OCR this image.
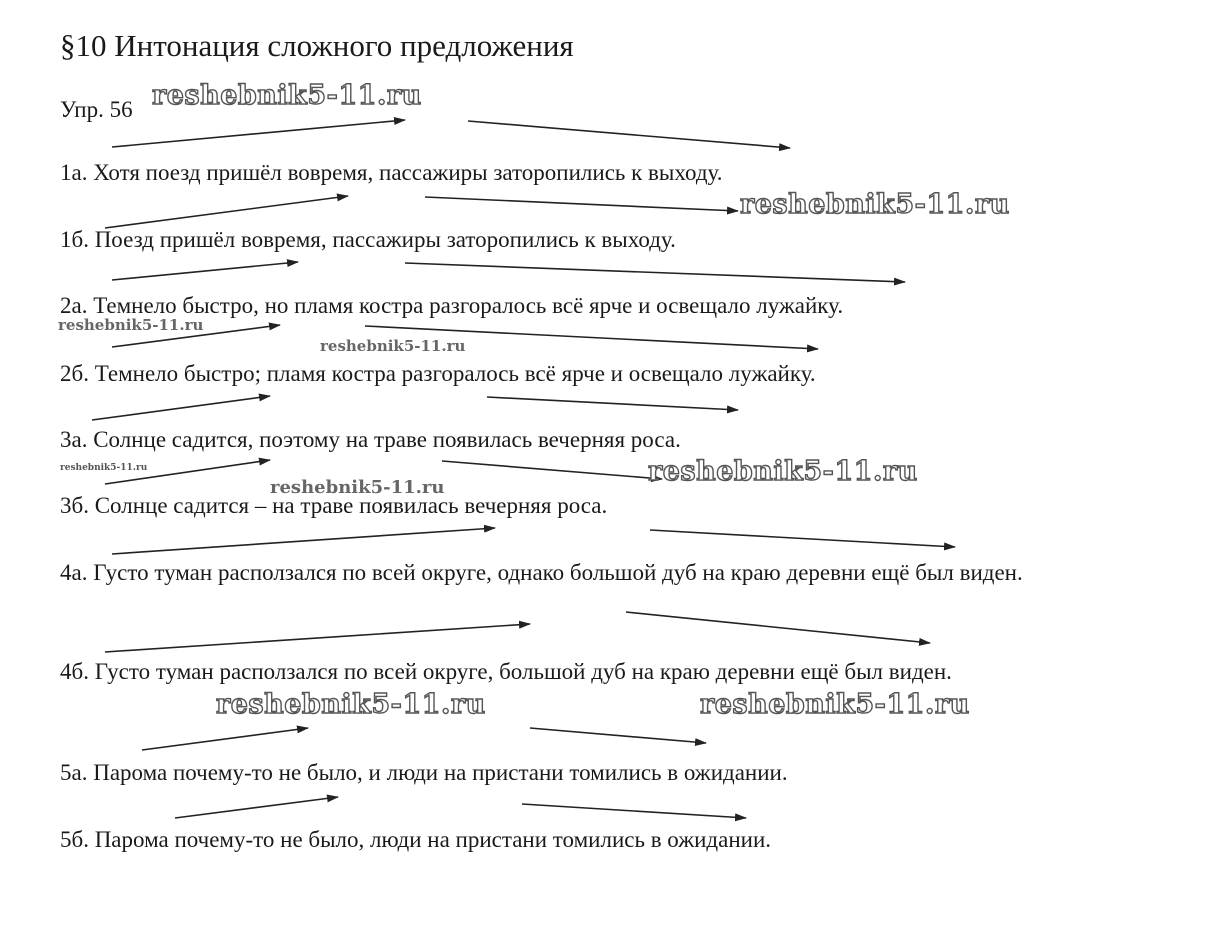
§10 Интонация сложного предложения
Упр. 56
1а. Хотя поезд пришёл вовремя, пассажиры заторопились к выходу.
1б. Поезд пришёл вовремя, пассажиры заторопились к выходу.
2а. Темнело быстро, но пламя костра разгоралось всё ярче и освещало лужайку.
2б. Темнело быстро; пламя костра разгоралось всё ярче и освещало лужайку.
3а. Солнце садится, поэтому на траве появилась вечерняя роса.
3б. Солнце садится – на траве появилась вечерняя роса.
4а. Густо туман расползался по всей округе, однако большой дуб на краю деревни ещё был виден.
4б. Густо туман расползался по всей округе, большой дуб на краю деревни ещё был виден.
5а. Парома почему-то не было, и люди на пристани томились в ожидании.
5б. Парома почему-то не было, люди на пристани томились в ожидании.
reshebnik5-11.ru
reshebnik5-11.ru
reshebnik5-11.ru
reshebnik5-11.ru
reshebnik5-11.ru	reshebnik5-11.ru
reshebnik5-11.ru
reshebnik5-11.ru	reshebnik5-11.ru
